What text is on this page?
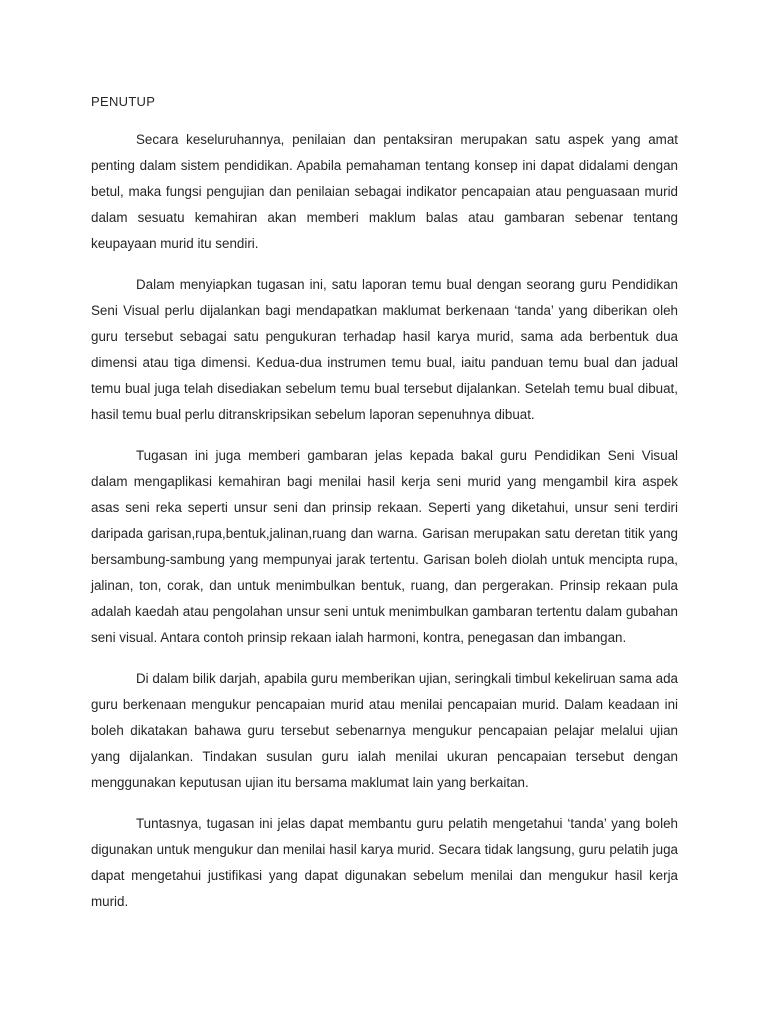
PENUTUP

Secara keseluruhannya, penilaian dan pentaksiran merupakan satu aspek yang amat penting dalam sistem pendidikan. Apabila pemahaman tentang konsep ini dapat didalami dengan betul, maka fungsi pengujian dan penilaian sebagai indikator pencapaian atau penguasaan murid dalam sesuatu kemahiran akan memberi maklum balas atau gambaran sebenar tentang keupayaan murid itu sendiri.

Dalam menyiapkan tugasan ini, satu laporan temu bual dengan seorang guru Pendidikan Seni Visual perlu dijalankan bagi mendapatkan maklumat berkenaan ‘tanda’ yang diberikan oleh guru tersebut sebagai satu pengukuran terhadap hasil karya murid, sama ada berbentuk dua dimensi atau tiga dimensi. Kedua-dua instrumen temu bual, iaitu panduan temu bual dan jadual temu bual juga telah disediakan sebelum temu bual tersebut dijalankan. Setelah temu bual dibuat, hasil temu bual perlu ditranskripsikan sebelum laporan sepenuhnya dibuat.

Tugasan ini juga memberi gambaran jelas kepada bakal guru Pendidikan Seni Visual dalam mengaplikasi kemahiran bagi menilai hasil kerja seni murid yang mengambil kira aspek asas seni reka seperti unsur seni dan prinsip rekaan. Seperti yang diketahui, unsur seni terdiri daripada garisan,rupa,bentuk,jalinan,ruang dan warna. Garisan merupakan satu deretan titik yang bersambung-sambung yang mempunyai jarak tertentu. Garisan boleh diolah untuk mencipta rupa, jalinan, ton, corak, dan untuk menimbulkan bentuk, ruang, dan pergerakan. Prinsip rekaan pula adalah kaedah atau pengolahan unsur seni untuk menimbulkan gambaran tertentu dalam gubahan seni visual. Antara contoh prinsip rekaan ialah harmoni, kontra, penegasan dan imbangan.

Di dalam bilik darjah, apabila guru memberikan ujian, seringkali timbul kekeliruan sama ada guru berkenaan mengukur pencapaian murid atau menilai pencapaian murid. Dalam keadaan ini boleh dikatakan bahawa guru tersebut sebenarnya mengukur pencapaian pelajar melalui ujian yang dijalankan. Tindakan susulan guru ialah menilai ukuran pencapaian tersebut dengan menggunakan keputusan ujian itu bersama maklumat lain yang berkaitan.

Tuntasnya, tugasan ini jelas dapat membantu guru pelatih mengetahui ‘tanda’ yang boleh digunakan untuk mengukur dan menilai hasil karya murid. Secara tidak langsung, guru pelatih juga dapat mengetahui justifikasi yang dapat digunakan sebelum menilai dan mengukur hasil kerja murid.
